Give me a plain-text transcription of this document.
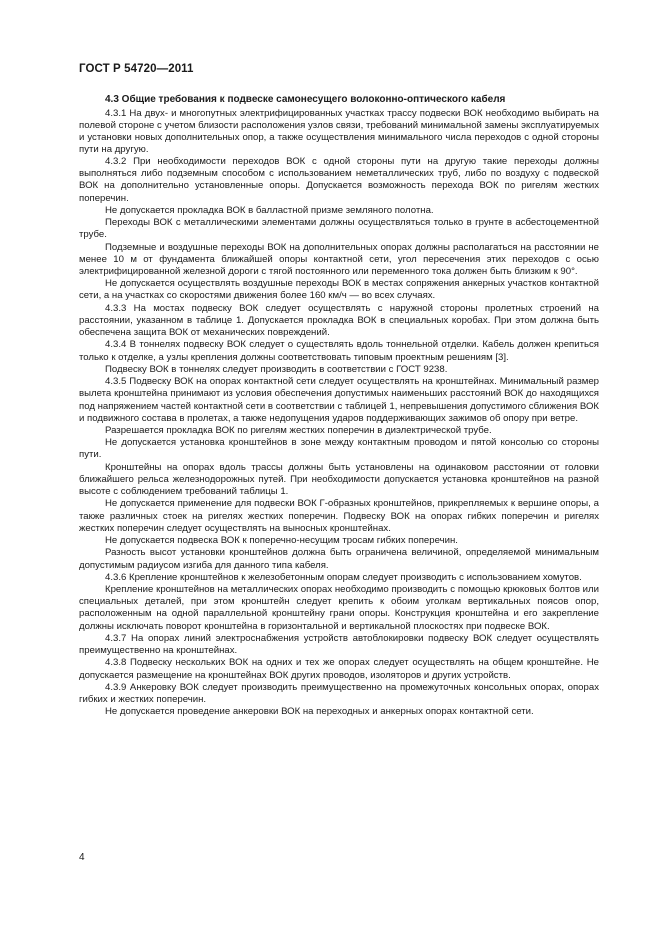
ГОСТ Р 54720—2011

4.3 Общие требования к подвеске самонесущего волоконно-оптического кабеля

4.3.1 На двух- и многопутных электрифицированных участках трассу подвески ВОК необходимо выбирать на полевой стороне с учетом близости расположения узлов связи, требований минимальной замены эксплуатируемых и установки новых дополнительных опор, а также осуществления минимального числа переходов с одной стороны пути на другую.

4.3.2 При необходимости переходов ВОК с одной стороны пути на другую такие переходы должны выполняться либо подземным способом с использованием неметаллических труб, либо по воздуху с подвеской ВОК на дополнительно установленные опоры. Допускается возможность перехода ВОК по ригелям жестких поперечин.

Не допускается прокладка ВОК в балластной призме земляного полотна.

Переходы ВОК с металлическими элементами должны осуществляться только в грунте в асбестоцементной трубе.

Подземные и воздушные переходы ВОК на дополнительных опорах должны располагаться на расстоянии не менее 10 м от фундамента ближайшей опоры контактной сети, угол пересечения этих переходов с осью электрифицированной железной дороги с тягой постоянного или переменного тока должен быть близким к 90°.

Не допускается осуществлять воздушные переходы ВОК в местах сопряжения анкерных участков контактной сети, а на участках со скоростями движения более 160 км/ч — во всех случаях.

4.3.3 На мостах подвеску ВОК следует осуществлять с наружной стороны пролетных строений на расстоянии, указанном в таблице 1. Допускается прокладка ВОК в специальных коробах. При этом должна быть обеспечена защита ВОК от механических повреждений.

4.3.4 В тоннелях подвеску ВОК следует о существлять вдоль тоннельной отделки. Кабель должен крепиться только к отделке, а узлы крепления должны соответствовать типовым проектным решениям [3].

Подвеску ВОК в тоннелях следует производить в соответствии с ГОСТ 9238.

4.3.5 Подвеску ВОК на опорах контактной сети следует осуществлять на кронштейнах. Минимальный размер вылета кронштейна принимают из условия обеспечения допустимых наименьших расстояний ВОК до находящихся под напряжением частей контактной сети в соответствии с таблицей 1, непревышения допустимого сближения ВОК и подвижного состава в пролетах, а также недопущения ударов поддерживающих зажимов об опору при ветре.

Разрешается прокладка ВОК по ригелям жестких поперечин в диэлектрической трубе.

Не допускается установка кронштейнов в зоне между контактным проводом и пятой консолью со стороны пути.

Кронштейны на опорах вдоль трассы должны быть установлены на одинаковом расстоянии от головки ближайшего рельса железнодорожных путей. При необходимости допускается установка кронштейнов на разной высоте с соблюдением требований таблицы 1.

Не допускается применение для подвески ВОК Г-образных кронштейнов, прикрепляемых к вершине опоры, а также различных стоек на ригелях жестких поперечин. Подвеску ВОК на опорах гибких поперечин и ригелях жестких поперечин следует осуществлять на выносных кронштейнах.

Не допускается подвеска ВОК к поперечно-несущим тросам гибких поперечин.

Разность высот установки кронштейнов должна быть ограничена величиной, определяемой минимальным допустимым радиусом изгиба для данного типа кабеля.

4.3.6 Крепление кронштейнов к железобетонным опорам следует производить с использованием хомутов.

Крепление кронштейнов на металлических опорах необходимо производить с помощью крюковых болтов или специальных деталей, при этом кронштейн следует крепить к обоим уголкам вертикальных поясов опор, расположенным на одной параллельной кронштейну грани опоры. Конструкция кронштейна и его закрепление должны исключать поворот кронштейна в горизонтальной и вертикальной плоскостях при подвеске ВОК.

4.3.7 На опорах линий электроснабжения устройств автоблокировки подвеску ВОК следует осуществлять преимущественно на кронштейнах.

4.3.8 Подвеску нескольких ВОК на одних и тех же опорах следует осуществлять на общем кронштейне. Не допускается размещение на кронштейнах ВОК других проводов, изоляторов и других устройств.

4.3.9 Анкеровку ВОК следует производить преимущественно на промежуточных консольных опорах, опорах гибких и жестких поперечин.

Не допускается проведение анкеровки ВОК на переходных и анкерных опорах контактной сети.

4
